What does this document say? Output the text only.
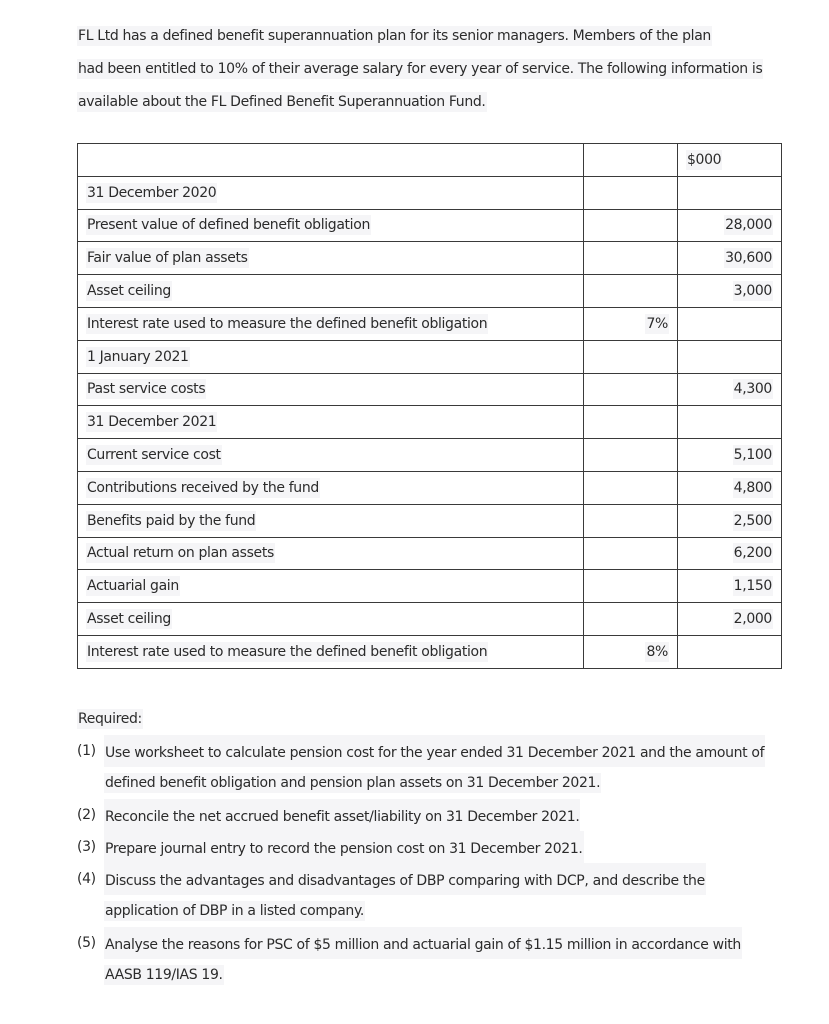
FL Ltd has a defined benefit superannuation plan for its senior managers. Members of the plan
had been entitled to 10% of their average salary for every year of service. The following information is
available about the FL Defined Benefit Superannuation Fund.
		$000
31 December 2020		
Present value of defined benefit obligation		28,000
Fair value of plan assets		30,600
Asset ceiling		3,000
Interest rate used to measure the defined benefit obligation	7%	
1 January 2021		
Past service costs		4,300
31 December 2021		
Current service cost		5,100
Contributions received by the fund		4,800
Benefits paid by the fund		2,500
Actual return on plan assets		6,200
Actuarial gain		1,150
Asset ceiling		2,000
Interest rate used to measure the defined benefit obligation	8%	
Required:
(1) Use worksheet to calculate pension cost for the year ended 31 December 2021 and the amount of
defined benefit obligation and pension plan assets on 31 December 2021.
(2) Reconcile the net accrued benefit asset/liability on 31 December 2021.
(3) Prepare journal entry to record the pension cost on 31 December 2021.
(4) Discuss the advantages and disadvantages of DBP comparing with DCP, and describe the
application of DBP in a listed company.
(5) Analyse the reasons for PSC of $5 million and actuarial gain of $1.15 million in accordance with
AASB 119/IAS 19.
